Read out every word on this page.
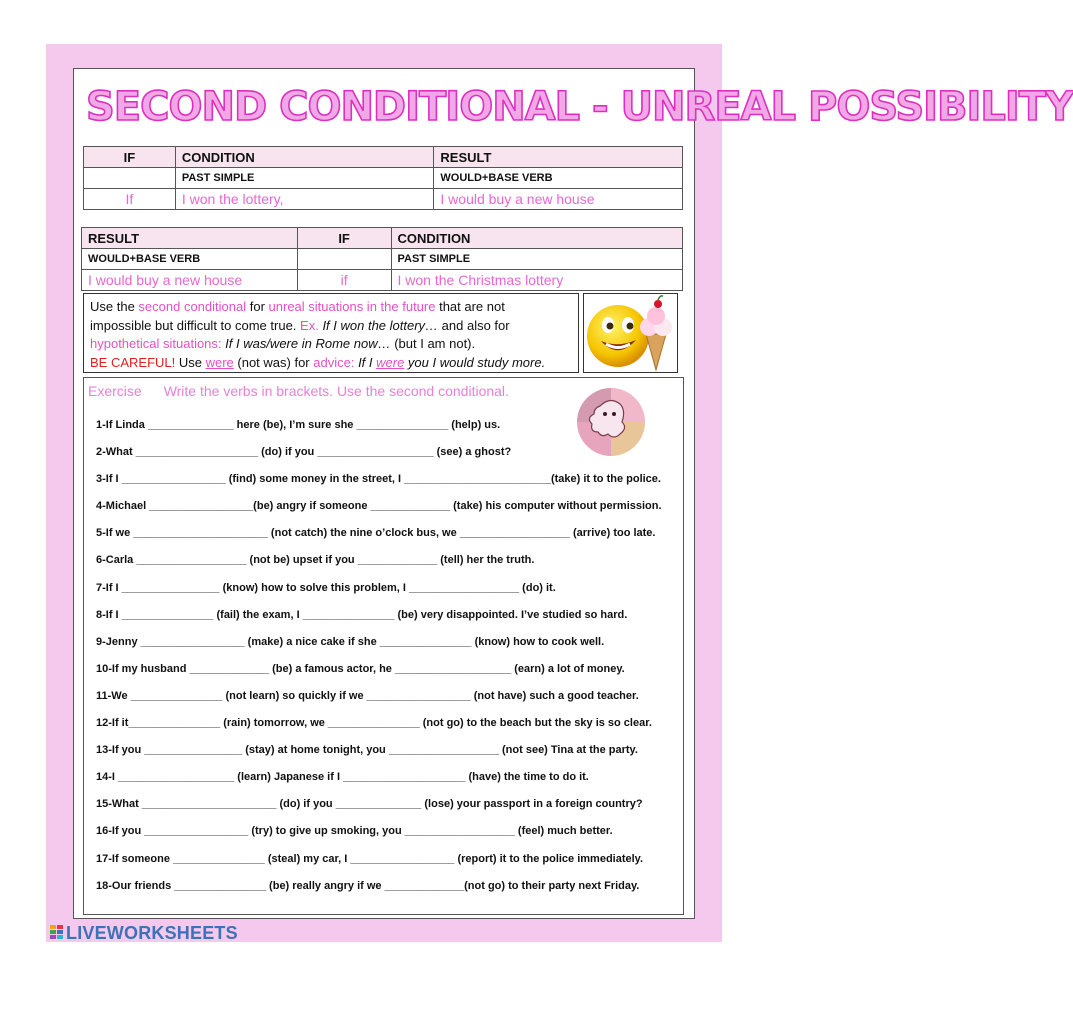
SECOND CONDITIONAL - UNREAL POSSIBILITY
IF	CONDITION	RESULT
	PAST SIMPLE	WOULD+BASE VERB
If	I won the lottery,	I would buy a new house
RESULT	IF	CONDITION
WOULD+BASE VERB		PAST SIMPLE
I would buy a new house	if	I won the Christmas lottery
Use the second conditional for unreal situations in the future that are not
impossible but difficult to come true. Ex. If I won the lottery… and also for
hypothetical situations: If I was/were in Rome now… (but I am not).
BE CAREFUL! Use were (not was) for advice: If I were you I would study more.
Exercise Write the verbs in brackets. Use the second conditional.
1-If Linda ______________ here (be), I’m sure she _______________ (help) us.
2-What ____________________ (do) if you ___________________ (see) a ghost?
3-If I _________________ (find) some money in the street, I ________________________(take) it to the police.
4-Michael _________________(be) angry if someone _____________ (take) his computer without permission.
5-If we ______________________ (not catch) the nine o’clock bus, we __________________ (arrive) too late.
6-Carla __________________ (not be) upset if you _____________ (tell) her the truth.
7-If I ________________ (know) how to solve this problem, I __________________ (do) it.
8-If I _______________ (fail) the exam, I _______________ (be) very disappointed. I’ve studied so hard.
9-Jenny _________________ (make) a nice cake if she _______________ (know) how to cook well.
10-If my husband _____________ (be) a famous actor, he ___________________ (earn) a lot of money.
11-We _______________ (not learn) so quickly if we _________________ (not have) such a good teacher.
12-If it_______________ (rain) tomorrow, we _______________ (not go) to the beach but the sky is so clear.
13-If you ________________ (stay) at home tonight, you __________________ (not see) Tina at the party.
14-I ___________________ (learn) Japanese if I ____________________ (have) the time to do it.
15-What ______________________ (do) if you ______________ (lose) your passport in a foreign country?
16-If you _________________ (try) to give up smoking, you __________________ (feel) much better.
17-If someone _______________ (steal) my car, I _________________ (report) it to the police immediately.
18-Our friends _______________ (be) really angry if we _____________(not go) to their party next Friday.
LIVEWORKSHEETS
